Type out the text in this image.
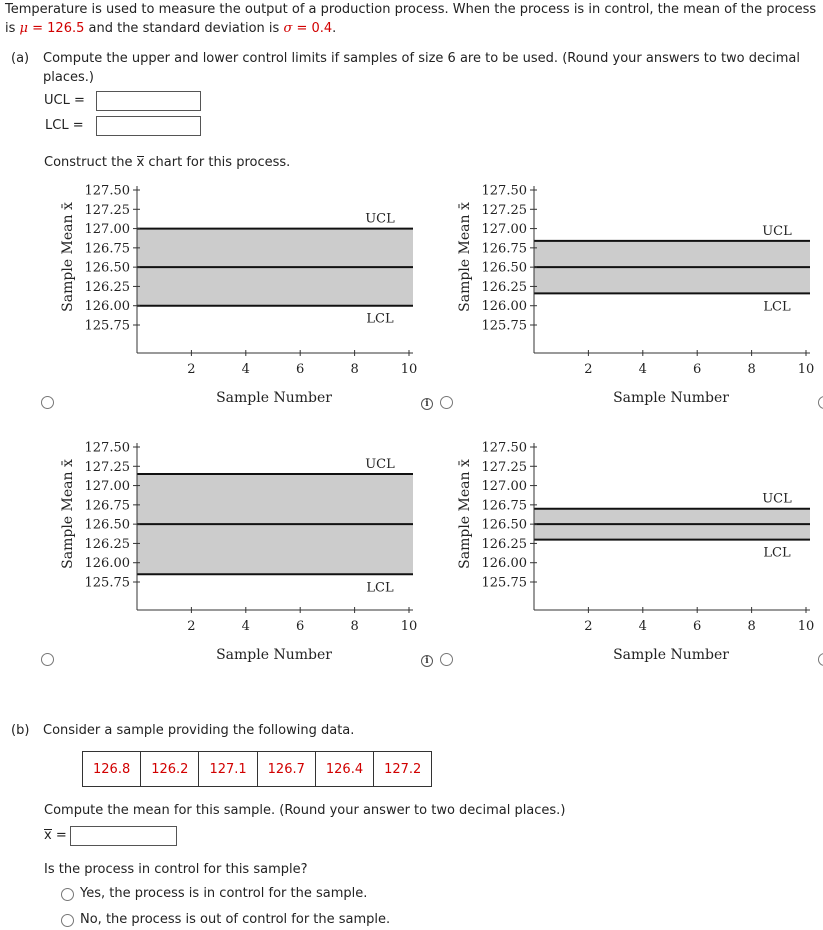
Temperature is used to measure the output of a production process. When the process is in control, the mean of the process
is μ = 126.5 and the standard deviation is σ = 0.4.
(a) Compute the upper and lower control limits if samples of size 6 are to be used. (Round your answers to two decimal places.)
UCL =
LCL =
Construct the x chart for this process.
125.75
126.00
126.25
126.50
126.75
127.00
127.25
127.50
2	4	6	8	10
UCL
LCL
Sample Number
Sample Mean x̄
125.75
126.00
126.25
126.50
126.75
127.00
127.25
127.50
2	4	6	8	10
UCL
LCL
Sample Number
Sample Mean x̄
125.75
126.00
126.25
126.50
126.75
127.00
127.25
127.50
2	4	6	8	10
UCL
LCL
Sample Number
Sample Mean x̄
125.75
126.00
126.25
126.50
126.75
127.00
127.25
127.50
2	4	6	8	10
UCL
LCL
Sample Number
Sample Mean x̄
i
i
(b) Consider a sample providing the following data.
126.8	126.2	127.1	126.7	126.4	127.2
Compute the mean for this sample. (Round your answer to two decimal places.)
x =
Is the process in control for this sample?
Yes, the process is in control for the sample.
No, the process is out of control for the sample.
